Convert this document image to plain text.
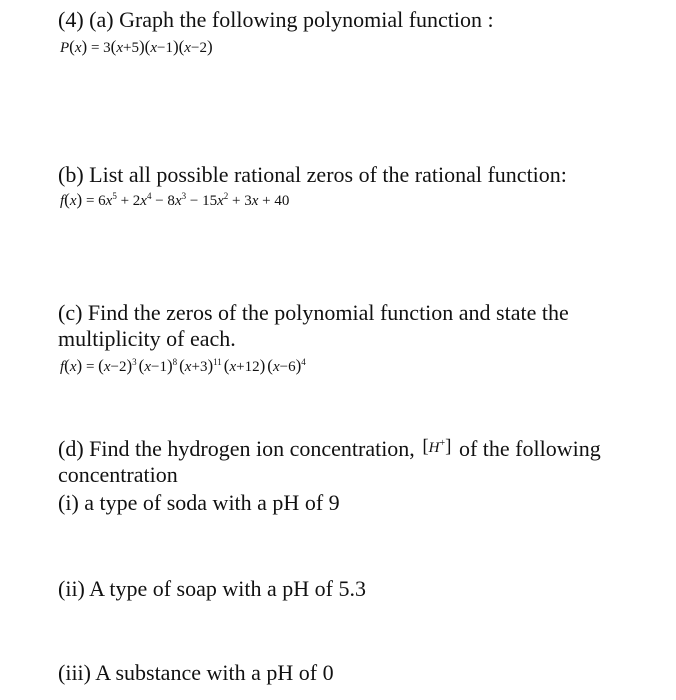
(4) (a) Graph the following polynomial function :
P(x) = 3(x+5)(x−1)(x−2)
(b) List all possible rational zeros of the rational function:
$f(x) = 6x^5 + 2x^4 - 8x^3 - 15x^2 + 3x + 40$
(c) Find the zeros of the polynomial function and state the
multiplicity of each.
$f(x) = (x-2)^3$ $(x-1)^8$ $(x+3)^{11}$ (x+12) $(x-6)^4$
(d) Find the hydrogen ion concentration, [H+] of the following
concentration
(i) a type of soda with a pH of 9
(ii) A type of soap with a pH of 5.3
(iii) A substance with a pH of 0
